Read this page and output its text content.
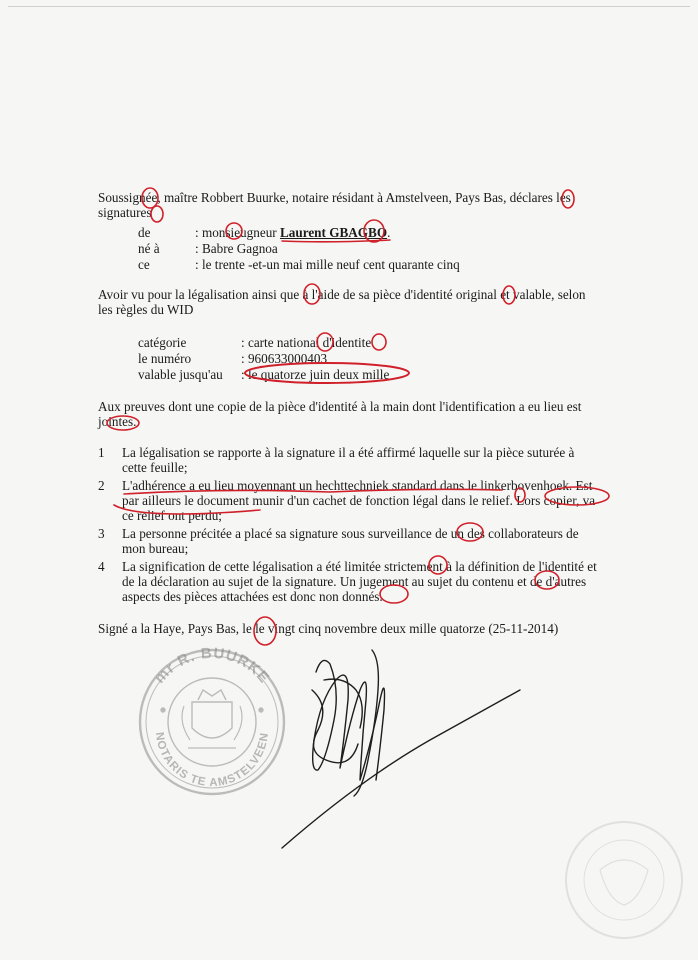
Soussignée, maître Robbert Buurke, notaire résidant à Amstelveen, Pays Bas, déclares les signatures
de	: monsieugneur Laurent GBAGBO.
né à	: Babre Gagnoa
ce	: le trente -et-un mai mille neuf cent quarante cinq
Avoir vu pour la légalisation ainsi que à l'aide de sa pièce d'identité original et valable, selon les règles du WID
catégorie	: carte national d'identite
le numéro	: 960633000403
valable jusqu'au : le quatorze juin deux mille
Aux preuves dont une copie de la pièce d'identité à la main dont l'identification a eu lieu est jointes.
1 La légalisation se rapporte à la signature il a été affirmé laquelle sur la pièce suturée à cette feuille;
2 L'adhérence a eu lieu moyennant un hechttechniek standard dans le linkerbovenhoek. Est par ailleurs le document munir d'un cachet de fonction légal dans le relief. Lors copier, va ce relief ont perdu;
3 La personne précitée a placé sa signature sous surveillance de un des collaborateurs de mon bureau;
4 La signification de cette légalisation a été limitée strictement à la définition de l'identité et de la déclaration au sujet de la signature. Un jugement au sujet du contenu et de d'autres aspects des pièces attachées est donc non donnés.
Signé a la Haye, Pays Bas, le le vingt cinq novembre deux mille quatorze (25-11-2014)
mr R. BUURKE
NOTARIS TE AMSTELVEEN
